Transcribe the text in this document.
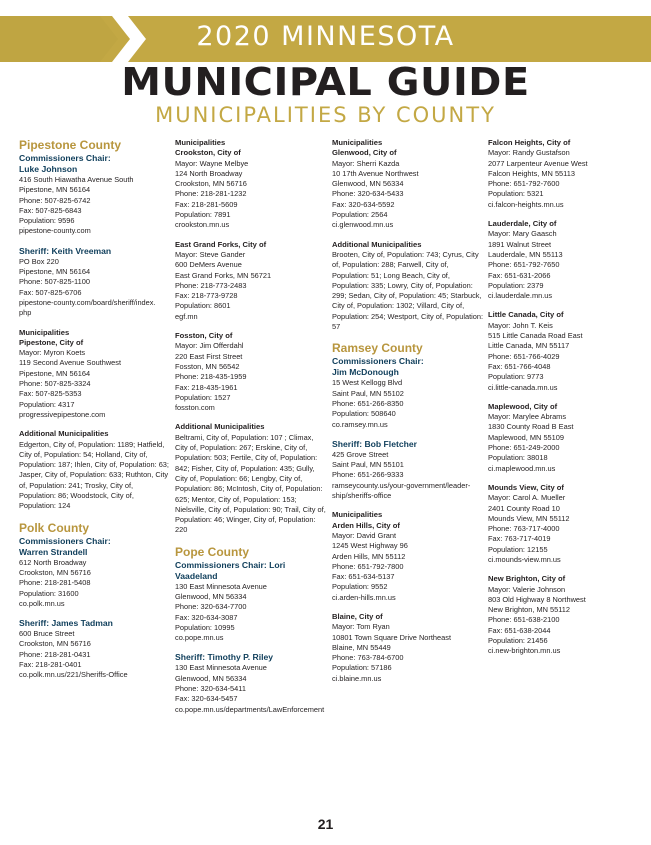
2020 MINNESOTA
MUNICIPAL GUIDE
MUNICIPALITIES BY COUNTY
Pipestone County
Commissioners Chair:
Luke Johnson
416 South Hiawatha Avenue South
Pipestone, MN 56164
Phone: 507-825-6742
Fax: 507-825-6843
Population: 9596
pipestone-county.com
Sheriff: Keith Vreeman
PO Box 220
Pipestone, MN 56164
Phone: 507-825-1100
Fax: 507-825-6706
pipestone-county.com/board/sheriff/index.
php
Municipalities
Pipestone, City of
Mayor: Myron Koets
119 Second Avenue Southwest
Pipestone, MN 56164
Phone: 507-825-3324
Fax: 507-825-5353
Population: 4317
progressivepipestone.com
Additional Municipalities
Edgerton, City of, Population: 1189; Hatfield, City of, Population: 54; Holland, City of, Population: 187; Ihlen, City of, Population: 63; Jasper, City of, Population: 633; Ruthton, City of, Population: 241; Trosky, City of, Population: 86; Woodstock, City of, Population: 124
Polk County
Commissioners Chair:
Warren Strandell
612 North Broadway
Crookston, MN 56716
Phone: 218-281-5408
Population: 31600
co.polk.mn.us
Sheriff: James Tadman
600 Bruce Street
Crookston, MN 56716
Phone: 218-281-0431
Fax: 218-281-0401
co.polk.mn.us/221/Sheriffs-Office
Municipalities
Crookston, City of
Mayor: Wayne Melbye
124 North Broadway
Crookston, MN 56716
Phone: 218-281-1232
Fax: 218-281-5609
Population: 7891
crookston.mn.us
East Grand Forks, City of
Mayor: Steve Gander
600 DeMers Avenue
East Grand Forks, MN 56721
Phone: 218-773-2483
Fax: 218-773-9728
Population: 8601
egf.mn
Fosston, City of
Mayor: Jim Offerdahl
220 East First Street
Fosston, MN 56542
Phone: 218-435-1959
Fax: 218-435-1961
Population: 1527
fosston.com
Additional Municipalities
Beltrami, City of, Population: 107 ; Climax, City of, Population: 267; Erskine, City of, Population: 503; Fertile, City of, Population: 842; Fisher, City of, Population: 435; Gully, City of, Population: 66; Lengby, City of, Population: 86; McIntosh, City of, Population: 625; Mentor, City of, Population: 153; Nielsville, City of, Population: 90; Trail, City of, Population: 46; Winger, City of, Population: 220
Pope County
Commissioners Chair: Lori Vaadeland
130 East Minnesota Avenue
Glenwood, MN 56334
Phone: 320-634-7700
Fax: 320-634-3087
Population: 10995
co.pope.mn.us
Sheriff: Timothy P. Riley
130 East Minnesota Avenue
Glenwood, MN 56334
Phone: 320-634-5411
Fax: 320-634-5457
co.pope.mn.us/departments/LawEnforcement
Municipalities
Glenwood, City of
Mayor: Sherri Kazda
10 17th Avenue Northwest
Glenwood, MN 56334
Phone: 320-634-5433
Fax: 320-634-5592
Population: 2564
ci.glenwood.mn.us
Additional Municipalities
Brooten, City of, Population: 743; Cyrus, City of, Population: 288; Farwell, City of, Population: 51; Long Beach, City of, Population: 335; Lowry, City of, Population: 299; Sedan, City of, Population: 45; Starbuck, City of, Population: 1302; Villard, City of, Population: 254; Westport, City of, Population: 57
Ramsey County
Commissioners Chair:
Jim McDonough
15 West Kellogg Blvd
Saint Paul, MN 55102
Phone: 651-266-8350
Population: 508640
co.ramsey.mn.us
Sheriff: Bob Fletcher
425 Grove Street
Saint Paul, MN 55101
Phone: 651-266-9333
ramseycounty.us/your-government/leader-
ship/sheriffs-office
Municipalities
Arden Hills, City of
Mayor: David Grant
1245 West Highway 96
Arden Hills, MN 55112
Phone: 651-792-7800
Fax: 651-634-5137
Population: 9552
ci.arden-hills.mn.us
Blaine, City of
Mayor: Tom Ryan
10801 Town Square Drive Northeast
Blaine, MN 55449
Phone: 763-784-6700
Population: 57186
ci.blaine.mn.us
Falcon Heights, City of
Mayor: Randy Gustafson
2077 Larpenteur Avenue West
Falcon Heights, MN 55113
Phone: 651-792-7600
Population: 5321
ci.falcon-heights.mn.us
Lauderdale, City of
Mayor: Mary Gaasch
1891 Walnut Street
Lauderdale, MN 55113
Phone: 651-792-7650
Fax: 651-631-2066
Population: 2379
ci.lauderdale.mn.us
Little Canada, City of
Mayor: John T. Keis
515 Little Canada Road East
Little Canada, MN 55117
Phone: 651-766-4029
Fax: 651-766-4048
Population: 9773
ci.little-canada.mn.us
Maplewood, City of
Mayor: Marylee Abrams
1830 County Road B East
Maplewood, MN 55109
Phone: 651-249-2000
Population: 38018
ci.maplewood.mn.us
Mounds View, City of
Mayor: Carol A. Mueller
2401 County Road 10
Mounds View, MN 55112
Phone: 763-717-4000
Fax: 763-717-4019
Population: 12155
ci.mounds-view.mn.us
New Brighton, City of
Mayor: Valerie Johnson
803 Old Highway 8 Northwest
New Brighton, MN 55112
Phone: 651-638-2100
Fax: 651-638-2044
Population: 21456
ci.new-brighton.mn.us
21
